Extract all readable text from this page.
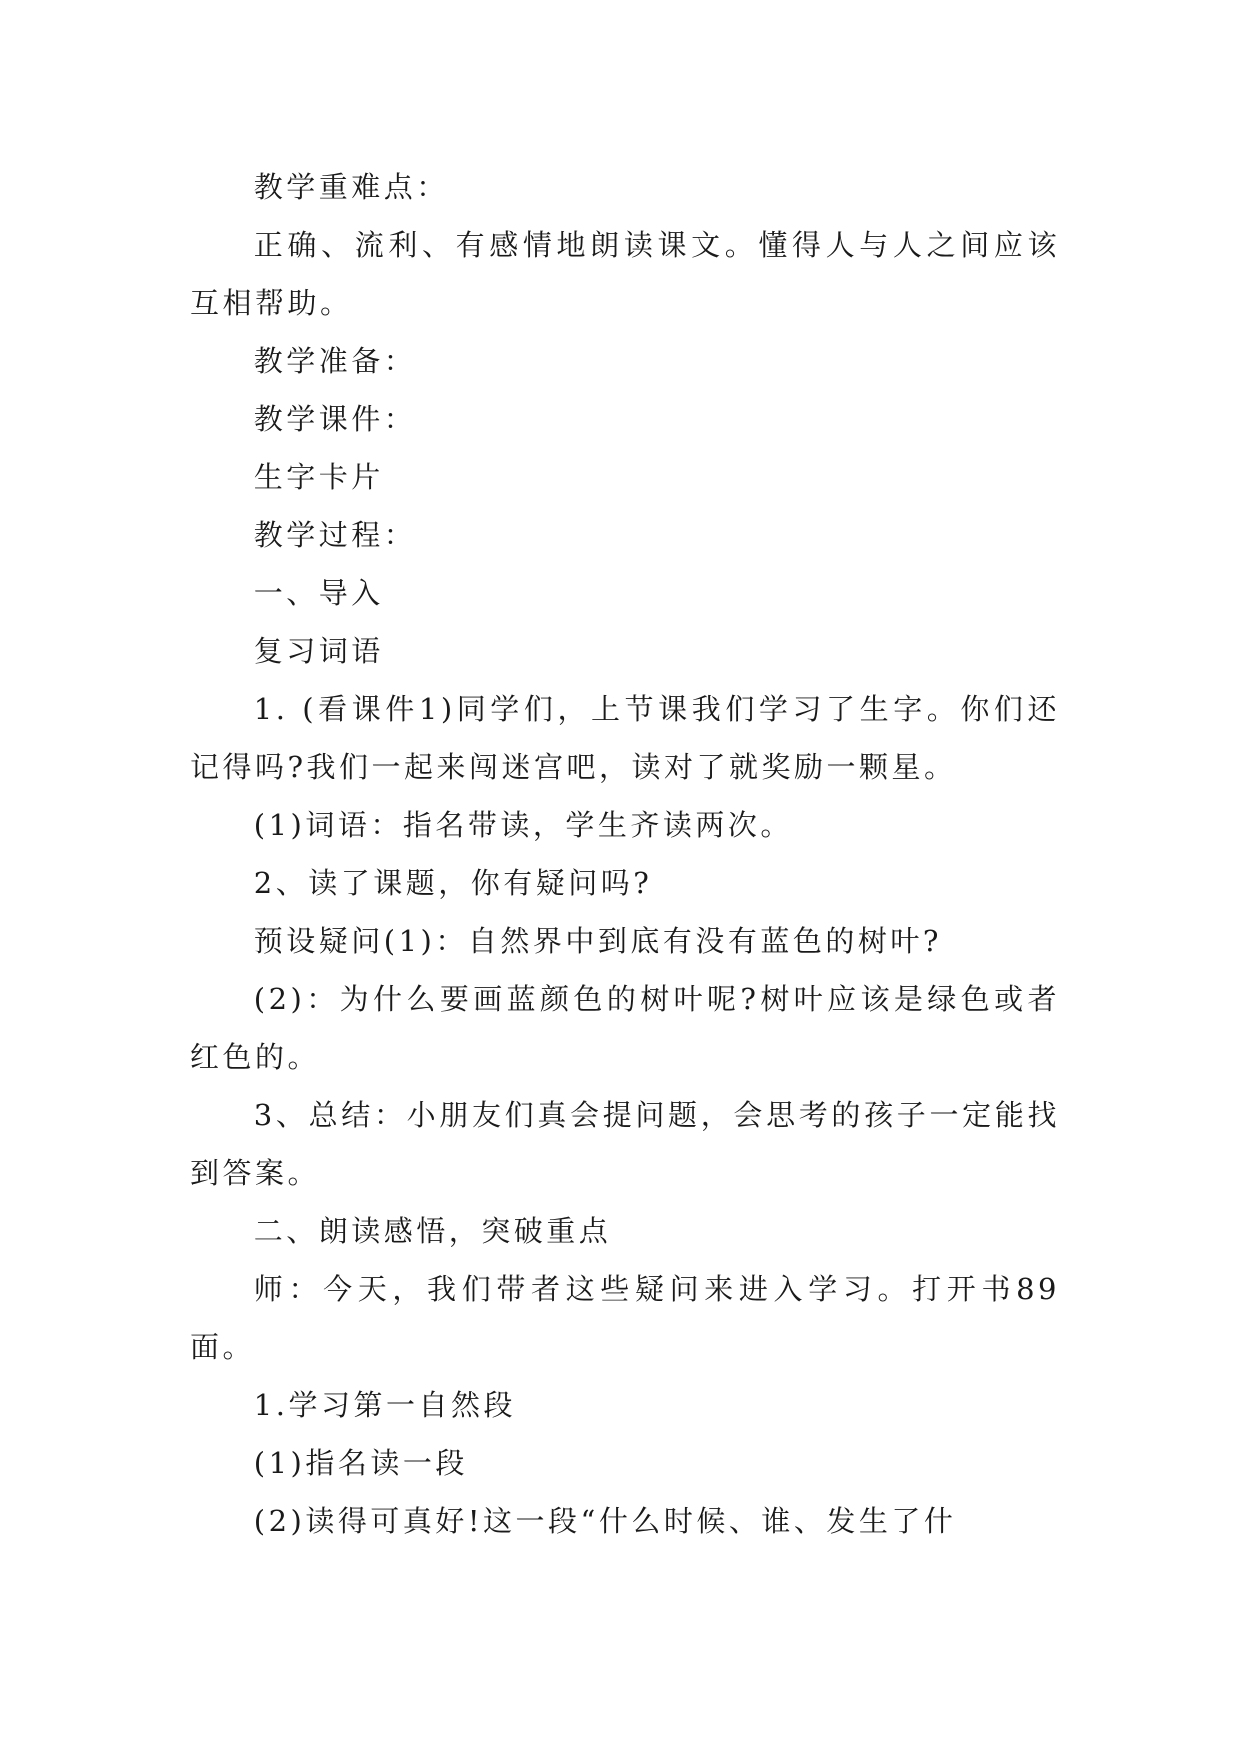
教学重难点：

正确、流利、有感情地朗读课文。懂得人与人之间应该互相帮助。

教学准备：

教学课件：

生字卡片

教学过程：

一、导入

复习词语

1. (看课件1)同学们，上节课我们学习了生字。你们还记得吗?我们一起来闯迷宫吧，读对了就奖励一颗星。

(1)词语：指名带读，学生齐读两次。

2、读了课题，你有疑问吗?

预设疑问(1)：自然界中到底有没有蓝色的树叶?

(2)：为什么要画蓝颜色的树叶呢?树叶应该是绿色或者红色的。

3、总结：小朋友们真会提问题，会思考的孩子一定能找到答案。

二、朗读感悟，突破重点

师：今天，我们带者这些疑问来进入学习。打开书89面。

1.学习第一自然段

(1)指名读一段

(2)读得可真好!这一段“什么时候、谁、发生了什
